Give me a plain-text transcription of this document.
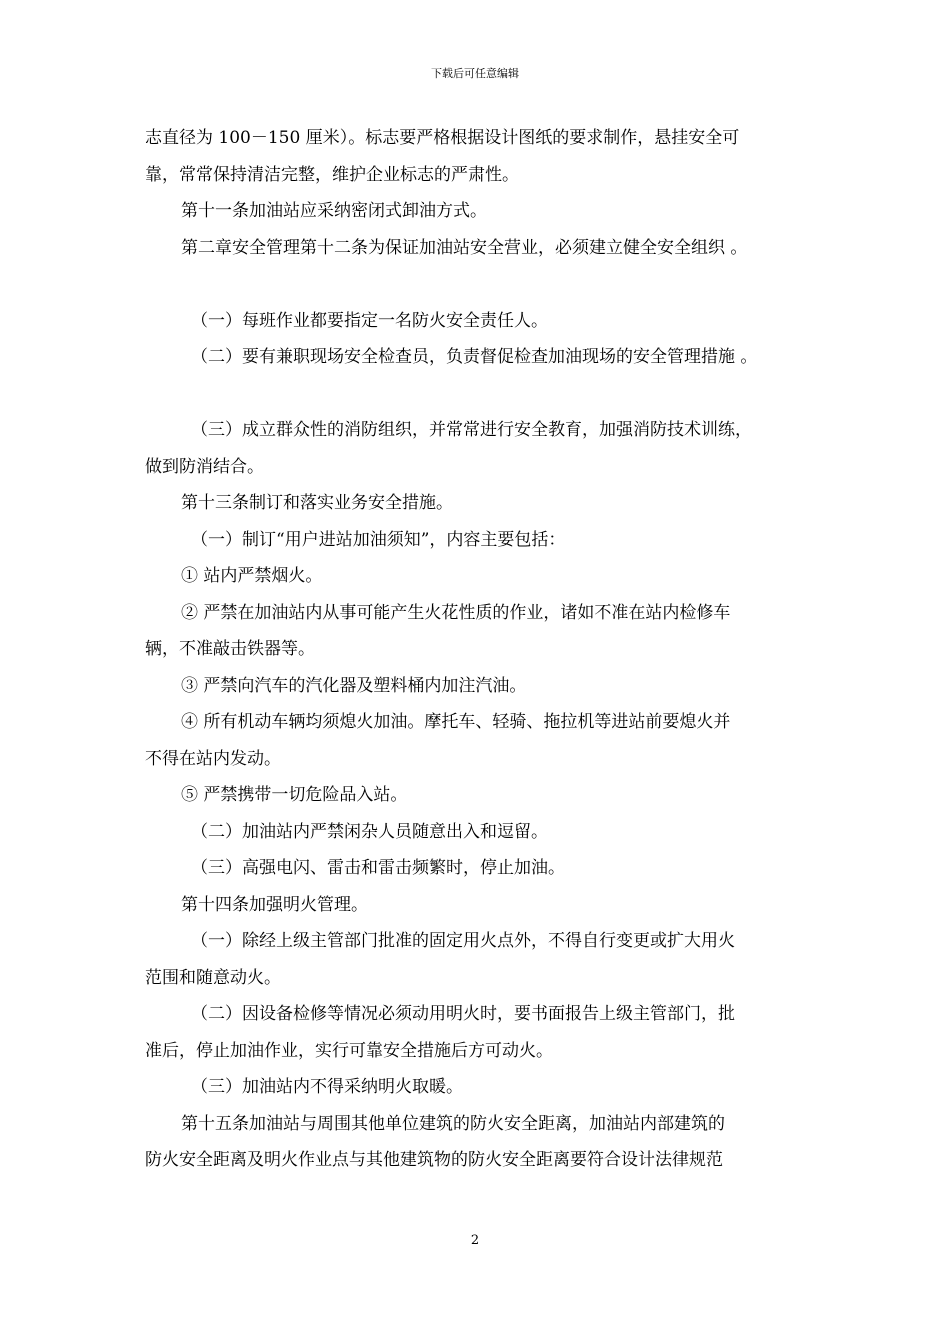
下载后可任意编辑

志直径为 100－150 厘米）。标志要严格根据设计图纸的要求制作，悬挂安全可

靠，常常保持清洁完整，维护企业标志的严肃性。

第十一条加油站应采纳密闭式卸油方式。

第二章安全管理第十二条为保证加油站安全营业，必须建立健全安全组织 。

（一）每班作业都要指定一名防火安全责任人。

（二）要有兼职现场安全检查员，负责督促检查加油现场的安全管理措施 。

（三）成立群众性的消防组织，并常常进行安全教育，加强消防技术训练，

做到防消结合。

第十三条制订和落实业务安全措施。

（一）制订“用户进站加油须知”，内容主要包括：

① 站内严禁烟火。

② 严禁在加油站内从事可能产生火花性质的作业，诸如不准在站内检修车

辆，不准敲击铁器等。

③ 严禁向汽车的汽化器及塑料桶内加注汽油。

④ 所有机动车辆均须熄火加油。摩托车、轻骑、拖拉机等进站前要熄火并

不得在站内发动。

⑤ 严禁携带一切危险品入站。

（二）加油站内严禁闲杂人员随意出入和逗留。

（三）高强电闪、雷击和雷击频繁时，停止加油。

第十四条加强明火管理。

（一）除经上级主管部门批准的固定用火点外，不得自行变更或扩大用火

范围和随意动火。

（二）因设备检修等情况必须动用明火时，要书面报告上级主管部门，批

准后，停止加油作业，实行可靠安全措施后方可动火。

（三）加油站内不得采纳明火取暖。

第十五条加油站与周围其他单位建筑的防火安全距离，加油站内部建筑的

防火安全距离及明火作业点与其他建筑物的防火安全距离要符合设计法律规范

2
